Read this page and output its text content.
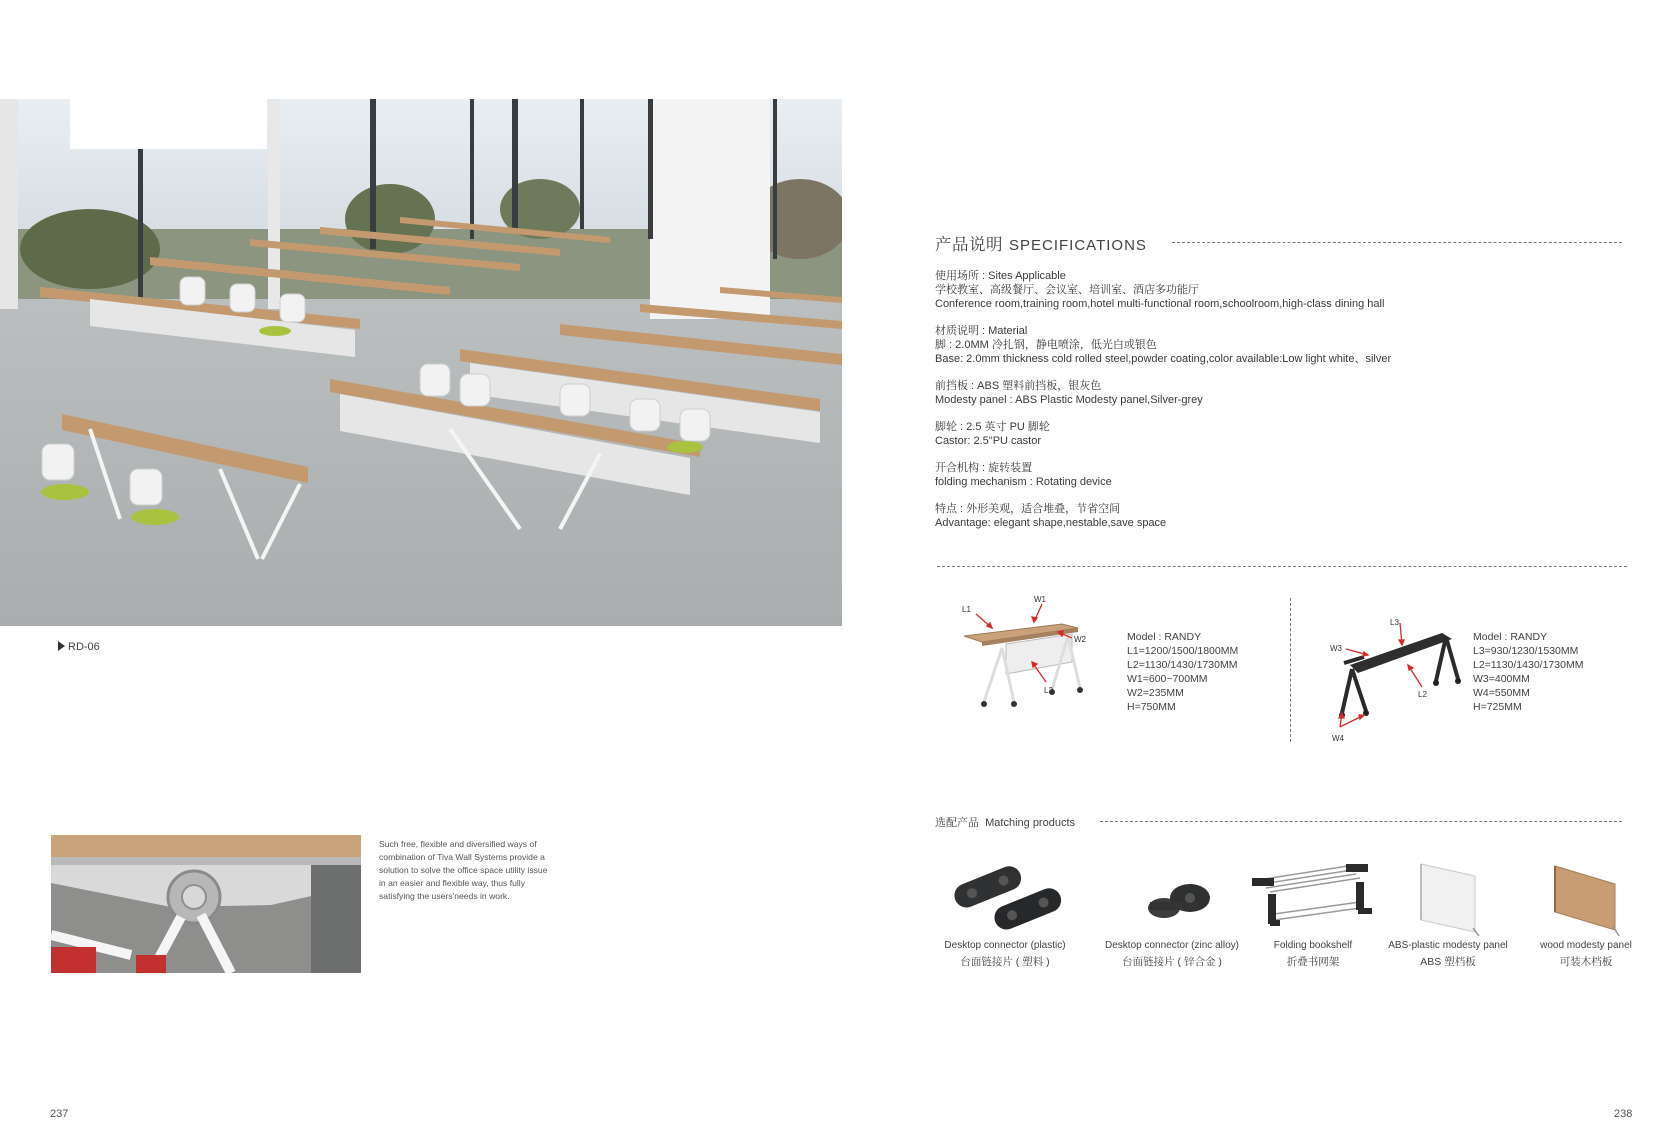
RD-06
Such free, flexible and diversified ways of combination of Tiva Wall Systems provide a solution to solve the office space utility issue in an easier and flexible way, thus fully satisfying the users'needs in work.
237
产品说明 SPECIFICATIONS
使用场所 : Sites Applicable
学校教室、高级餐厅、会议室、培训室、酒店多功能厅
Conference room,training room,hotel multi-functional room,schoolroom,high-class dining hall
材质说明 : Material
脚 : 2.0MM 冷扎钢，静电喷涂，低光白或银色
Base: 2.0mm thickness cold rolled steel,powder coating,color available:Low light white、silver
前挡板 : ABS 塑料前挡板，银灰色
Modesty panel : ABS Plastic Modesty panel,Silver-grey
脚轮 : 2.5 英寸 PU 脚轮
Castor: 2.5"PU castor
开合机构 : 旋转装置
folding mechanism : Rotating device
特点 : 外形美观，适合堆叠，节省空间
Advantage: elegant shape,nestable,save space
L1
W1
W2
L2
Model : RANDY
L1=1200/1500/1800MM
L2=1130/1430/1730MM
W1=600~700MM
W2=235MM
H=750MM
L3
W3
L2
W4
Model : RANDY
L3=930/1230/1530MM
L2=1130/1430/1730MM
W3=400MM
W4=550MM
H=725MM
选配产品 Matching products
Desktop connector (plastic)
台面链接片 ( 塑料 )
Desktop connector (zinc alloy)
台面链接片 ( 锌合金 )
Folding bookshelf
折叠书网架
ABS-plastic modesty panel
ABS 塑档板
wood modesty panel
可装木档板
238
